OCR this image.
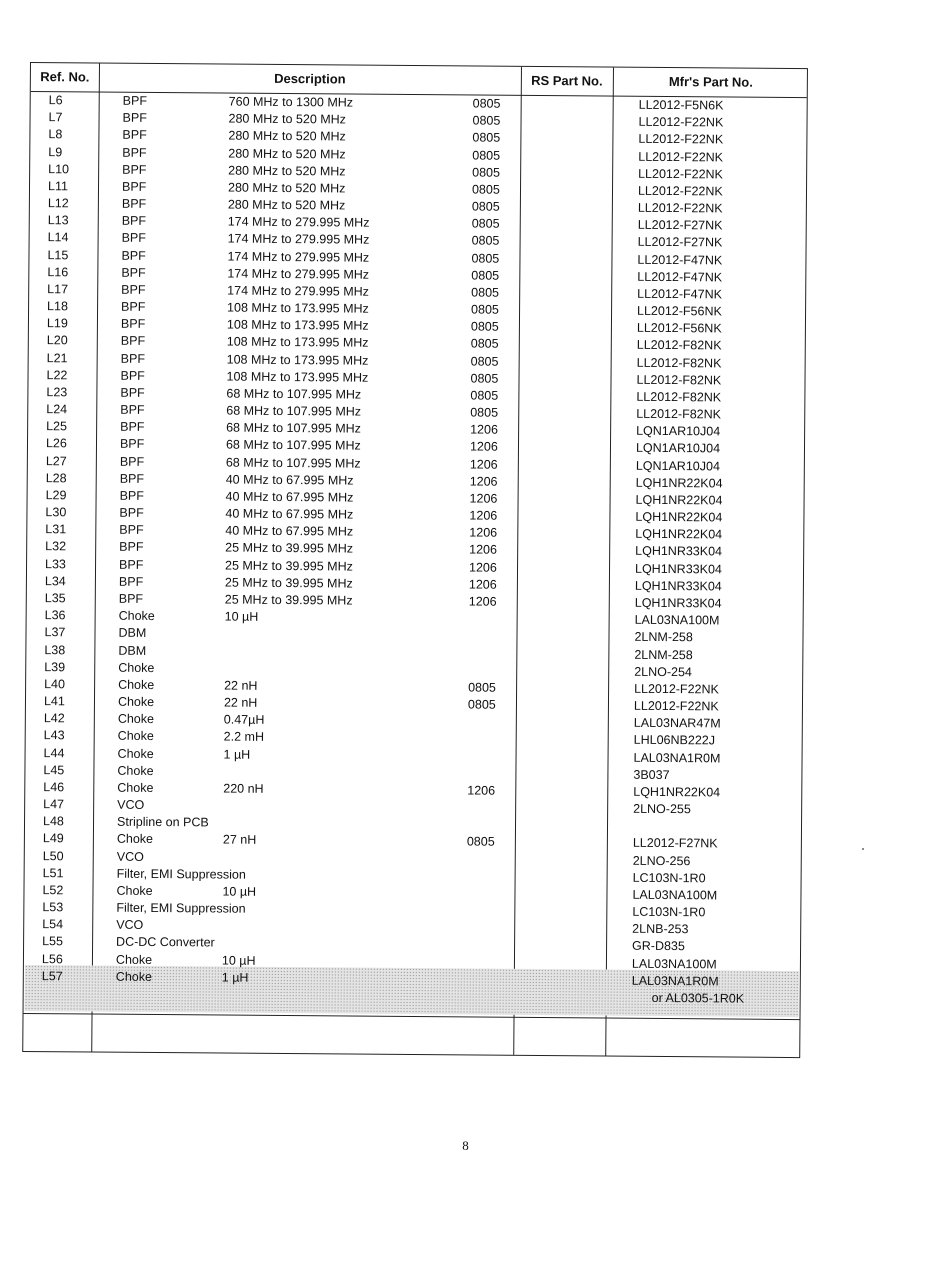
Ref. No.	Description	RS Part No.	Mfr's Part No.
L6	BPF	760 MHz to 1300 MHz	0805	LL2012-F5N6K
L7	BPF	280 MHz to 520 MHz	0805	LL2012-F22NK
L8	BPF	280 MHz to 520 MHz	0805	LL2012-F22NK
L9	BPF	280 MHz to 520 MHz	0805	LL2012-F22NK
L10	BPF	280 MHz to 520 MHz	0805	LL2012-F22NK
L11	BPF	280 MHz to 520 MHz	0805	LL2012-F22NK
L12	BPF	280 MHz to 520 MHz	0805	LL2012-F22NK
L13	BPF	174 MHz to 279.995 MHz	0805	LL2012-F27NK
L14	BPF	174 MHz to 279.995 MHz	0805	LL2012-F27NK
L15	BPF	174 MHz to 279.995 MHz	0805	LL2012-F47NK
L16	BPF	174 MHz to 279.995 MHz	0805	LL2012-F47NK
L17	BPF	174 MHz to 279.995 MHz	0805	LL2012-F47NK
L18	BPF	108 MHz to 173.995 MHz	0805	LL2012-F56NK
L19	BPF	108 MHz to 173.995 MHz	0805	LL2012-F56NK
L20	BPF	108 MHz to 173.995 MHz	0805	LL2012-F82NK
L21	BPF	108 MHz to 173.995 MHz	0805	LL2012-F82NK
L22	BPF	108 MHz to 173.995 MHz	0805	LL2012-F82NK
L23	BPF	68 MHz to 107.995 MHz	0805	LL2012-F82NK
L24	BPF	68 MHz to 107.995 MHz	0805	LL2012-F82NK
L25	BPF	68 MHz to 107.995 MHz	1206	LQN1AR10J04
L26	BPF	68 MHz to 107.995 MHz	1206	LQN1AR10J04
L27	BPF	68 MHz to 107.995 MHz	1206	LQN1AR10J04
L28	BPF	40 MHz to 67.995 MHz	1206	LQH1NR22K04
L29	BPF	40 MHz to 67.995 MHz	1206	LQH1NR22K04
L30	BPF	40 MHz to 67.995 MHz	1206	LQH1NR22K04
L31	BPF	40 MHz to 67.995 MHz	1206	LQH1NR22K04
L32	BPF	25 MHz to 39.995 MHz	1206	LQH1NR33K04
L33	BPF	25 MHz to 39.995 MHz	1206	LQH1NR33K04
L34	BPF	25 MHz to 39.995 MHz	1206	LQH1NR33K04
L35	BPF	25 MHz to 39.995 MHz	1206	LQH1NR33K04
L36	Choke	10 µH	LAL03NA100M
L37	DBM	2LNM-258
L38	DBM	2LNM-258
L39	Choke	2LNO-254
L40	Choke	22 nH	0805	LL2012-F22NK
L41	Choke	22 nH	0805	LL2012-F22NK
L42	Choke	0.47µH	LAL03NAR47M
L43	Choke	2.2 mH	LHL06NB222J
L44	Choke	1 µH	LAL03NA1R0M
L45	Choke	3B037
L46	Choke	220 nH	1206	LQH1NR22K04
L47	VCO	2LNO-255
L48	Stripline on PCB
L49	Choke	27 nH	0805	LL2012-F27NK
L50	VCO	2LNO-256
L51	Filter, EMI Suppression	LC103N-1R0
L52	Choke	10 µH	LAL03NA100M
L53	Filter, EMI Suppression	LC103N-1R0
L54	VCO	2LNB-253
L55	DC-DC Converter	GR-D835
L56	Choke	10 µH	LAL03NA100M
L57	Choke	1 µH	LAL03NA1R0M
or AL0305-1R0K
8
